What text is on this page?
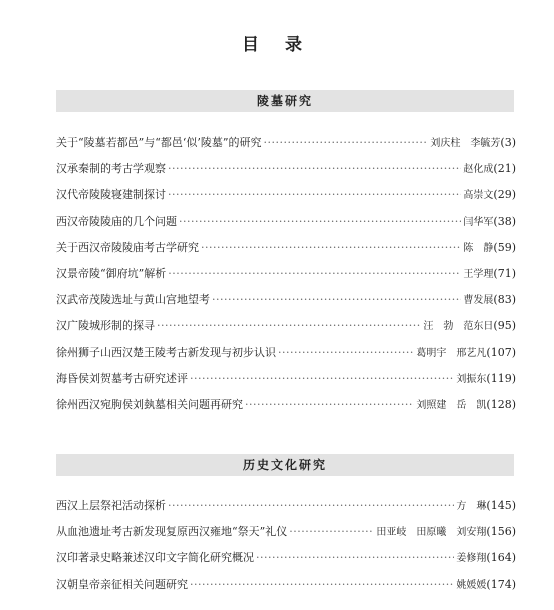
目 录
陵墓研究
关于“陵墓若都邑”与“都邑‘似’陵墓”的研究 ·····	刘庆柱　李毓芳 (3)
汉承秦制的考古学观察 ·····	赵化成 (21)
汉代帝陵陵寝建制探讨 ·····	高崇文 (29)
西汉帝陵陵庙的几个问题 ·····	闫华军 (38)
关于西汉帝陵陵庙考古学研究 ·····	陈　静 (59)
汉景帝陵“御府坑”解析 ·····	王学理 (71)
汉武帝茂陵选址与黄山宫地望考 ·····	曹发展 (83)
汉广陵城形制的探寻 ·····	汪　勃　范东日 (95)
徐州狮子山西汉楚王陵考古新发现与初步认识 ·····	葛明宇　邢艺凡 (107)
海昏侯刘贺墓考古研究述评 ·····	刘振东 (119)
徐州西汉宛朐侯刘埶墓相关问题再研究 ·····	刘照建　岳　凯 (128)
历史文化研究
西汉上层祭祀活动探析 ·····	方　琳 (145)
从血池遗址考古新发现复原西汉雍地“祭天”礼仪 ·····	田亚岐　田原曦　刘安翔 (156)
汉印著录史略兼述汉印文字简化研究概况 ·····	姜修翔 (164)
汉朝皇帝亲征相关问题研究 ·····	姚媛媛 (174)
